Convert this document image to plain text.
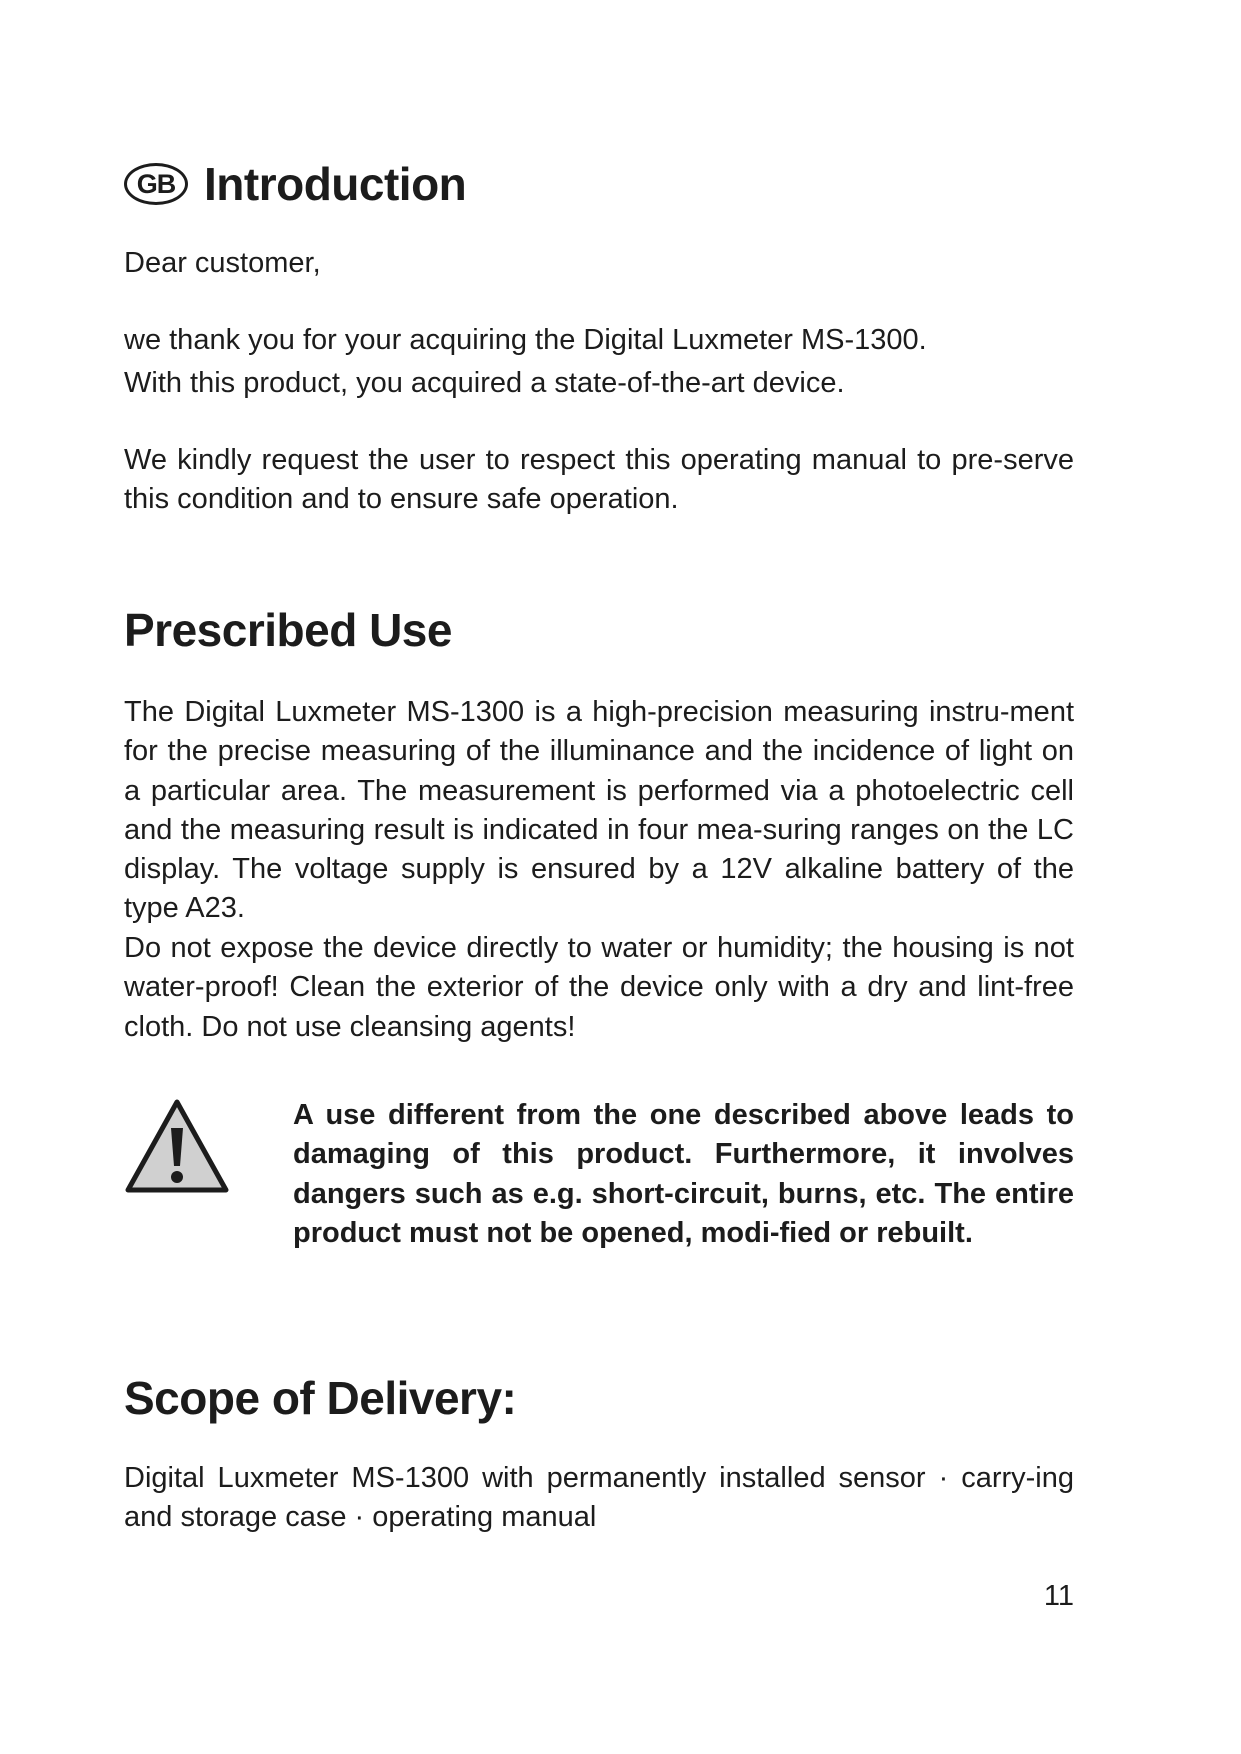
GB Introduction

Dear customer,

we thank you for your acquiring the Digital Luxmeter MS-1300.

With this product, you acquired a state-of-the-art device.

We kindly request the user to respect this operating manual to pre-serve this condition and to ensure safe operation.

Prescribed Use

The Digital Luxmeter MS-1300 is a high-precision measuring instru-ment for the precise measuring of the illuminance and the incidence of light on a particular area. The measurement is performed via a photoelectric cell and the measuring result is indicated in four mea-suring ranges on the LC display. The voltage supply is ensured by a 12V alkaline battery of the type A23.

Do not expose the device directly to water or humidity; the housing is not water-proof! Clean the exterior of the device only with a dry and lint-free cloth. Do not use cleansing agents!

A use different from the one described above leads to damaging of this product. Furthermore, it involves dangers such as e.g. short-circuit, burns, etc. The entire product must not be opened, modi-fied or rebuilt.

Scope of Delivery:

Digital Luxmeter MS-1300 with permanently installed sensor · carry-ing and storage case · operating manual

11
